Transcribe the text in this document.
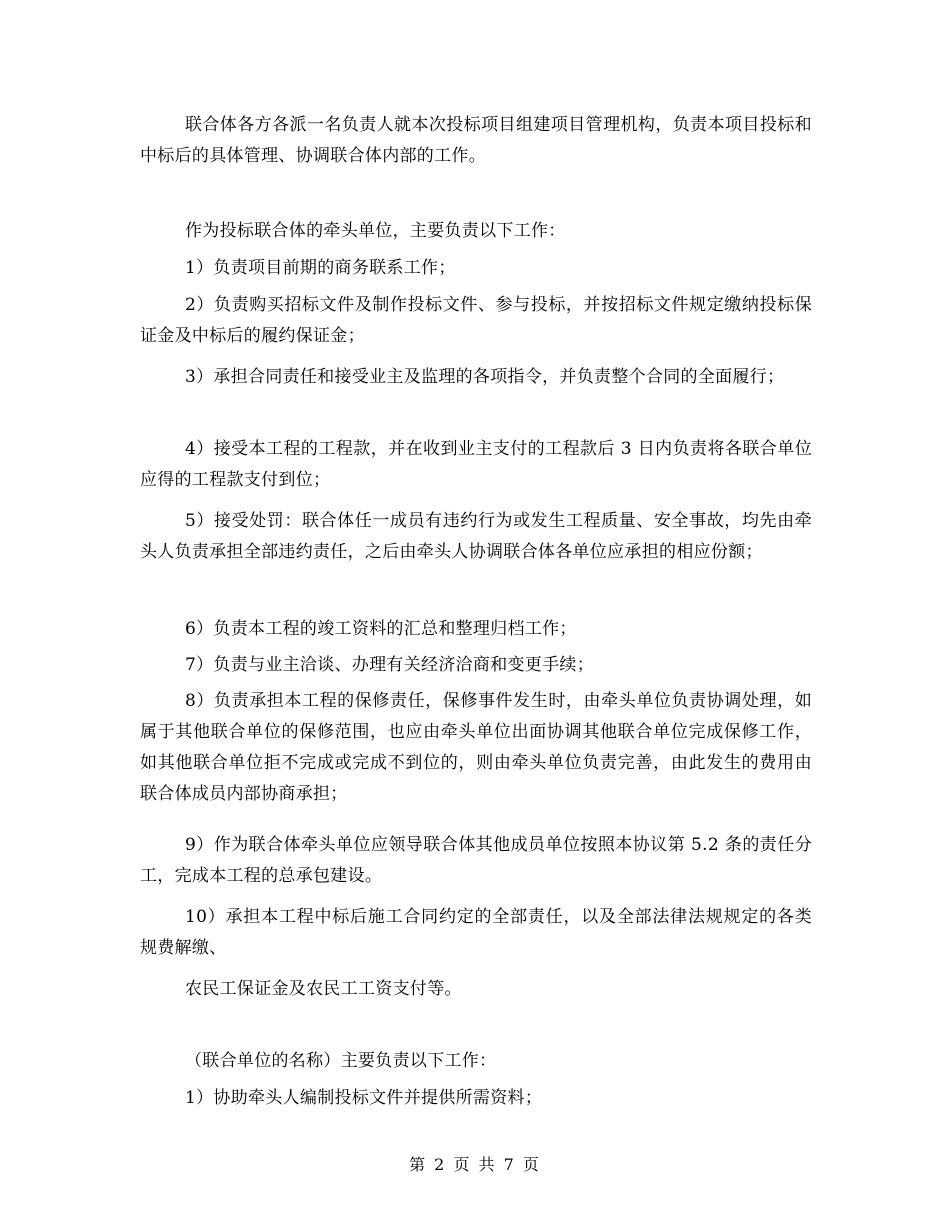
联合体各方各派一名负责人就本次投标项目组建项目管理机构，负责本项目投标和中标后的具体管理、协调联合体内部的工作。

作为投标联合体的牵头单位，主要负责以下工作：

1）负责项目前期的商务联系工作；

2）负责购买招标文件及制作投标文件、参与投标，并按招标文件规定缴纳投标保证金及中标后的履约保证金；

3）承担合同责任和接受业主及监理的各项指令，并负责整个合同的全面履行；

4）接受本工程的工程款，并在收到业主支付的工程款后 3 日内负责将各联合单位应得的工程款支付到位；

5）接受处罚：联合体任一成员有违约行为或发生工程质量、安全事故，均先由牵头人负责承担全部违约责任，之后由牵头人协调联合体各单位应承担的相应份额；

6）负责本工程的竣工资料的汇总和整理归档工作；

7）负责与业主洽谈、办理有关经济洽商和变更手续；

8）负责承担本工程的保修责任，保修事件发生时，由牵头单位负责协调处理，如属于其他联合单位的保修范围，也应由牵头单位出面协调其他联合单位完成保修工作，如其他联合单位拒不完成或完成不到位的，则由牵头单位负责完善，由此发生的费用由联合体成员内部协商承担；

9）作为联合体牵头单位应领导联合体其他成员单位按照本协议第 5.2 条的责任分工，完成本工程的总承包建设。

10）承担本工程中标后施工合同约定的全部责任，以及全部法律法规规定的各类规费解缴、

农民工保证金及农民工工资支付等。

（联合单位的名称）主要负责以下工作：

1）协助牵头人编制投标文件并提供所需资料；

第 2 页 共 7 页
